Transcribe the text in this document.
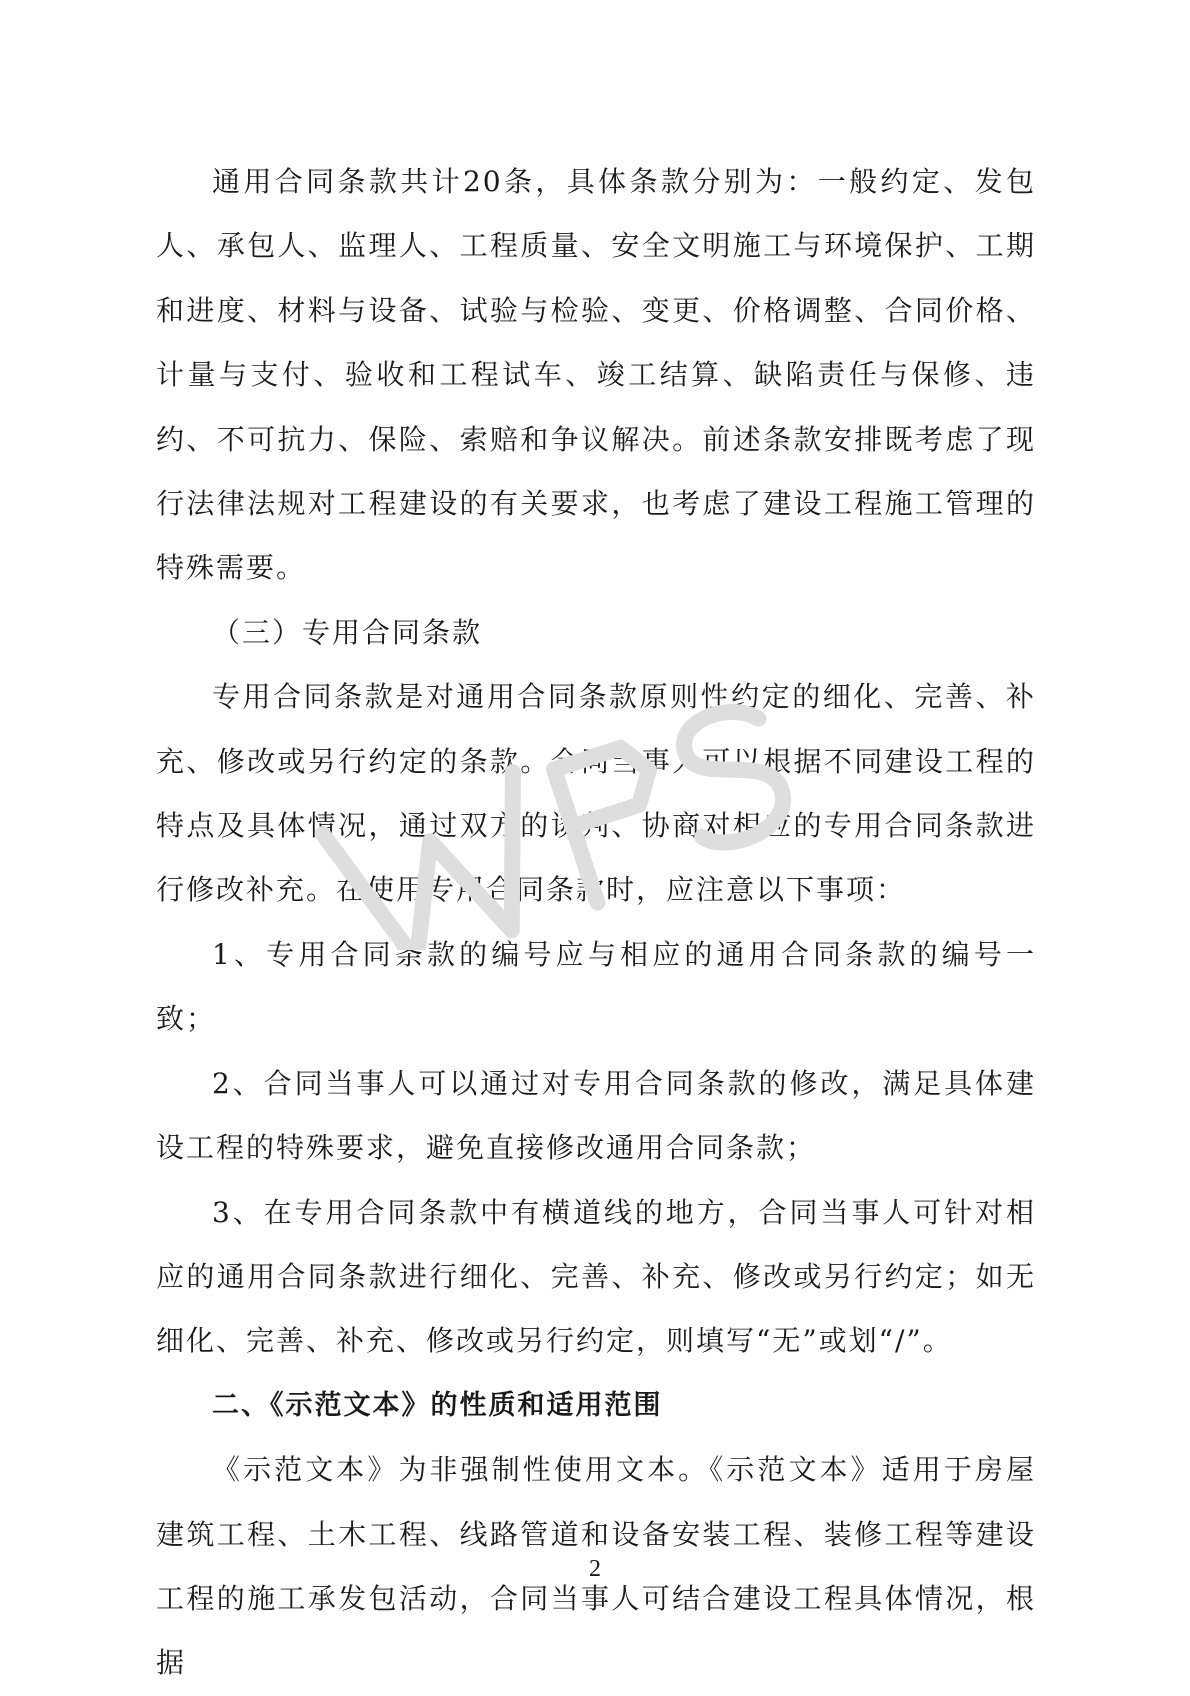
通用合同条款共计20条，具体条款分别为：一般约定、发包人、承包人、监理人、工程质量、安全文明施工与环境保护、工期和进度、材料与设备、试验与检验、变更、价格调整、合同价格、计量与支付、验收和工程试车、竣工结算、缺陷责任与保修、违约、不可抗力、保险、索赔和争议解决。前述条款安排既考虑了现行法律法规对工程建设的有关要求，也考虑了建设工程施工管理的特殊需要。

（三）专用合同条款

专用合同条款是对通用合同条款原则性约定的细化、完善、补充、修改或另行约定的条款。合同当事人可以根据不同建设工程的特点及具体情况，通过双方的谈判、协商对相应的专用合同条款进行修改补充。在使用专用合同条款时，应注意以下事项：

1、专用合同条款的编号应与相应的通用合同条款的编号一致；

2、合同当事人可以通过对专用合同条款的修改，满足具体建设工程的特殊要求，避免直接修改通用合同条款；

3、在专用合同条款中有横道线的地方，合同当事人可针对相应的通用合同条款进行细化、完善、补充、修改或另行约定；如无细化、完善、补充、修改或另行约定，则填写“无”或划“/”。

二、《示范文本》的性质和适用范围

《示范文本》为非强制性使用文本。《示范文本》适用于房屋建筑工程、土木工程、线路管道和设备安装工程、装修工程等建设工程的施工承发包活动，合同当事人可结合建设工程具体情况，根据

2
